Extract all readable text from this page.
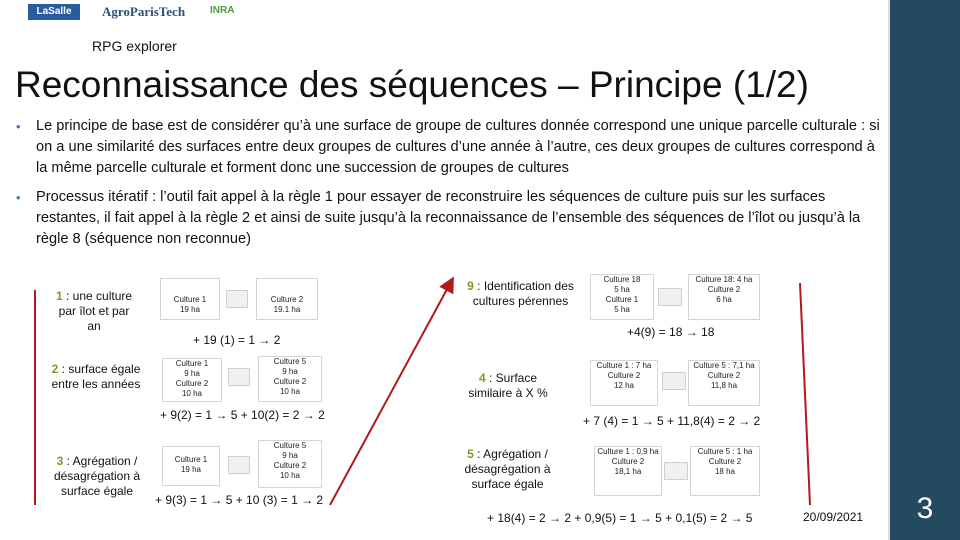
3
LaSalle	AgroParisTech INRA
RPG explorer
Reconnaissance des séquences – Principe (1/2)
• Le principe de base est de considérer qu’à une surface de groupe de cultures donnée correspond une unique parcelle culturale : si on a une similarité des surfaces entre deux groupes de cultures d’une année à l’autre, ces deux groupes de cultures correspond à la même parcelle culturale et forment donc une succession de groupes de cultures
• Processus itératif : l’outil fait appel à la règle 1 pour essayer de reconstruire les séquences de culture puis sur les surfaces restantes, il fait appel à la règle 2 et ainsi de suite jusqu’à la reconnaissance de l’ensemble des séquences de l’îlot ou jusqu’à la règle 8 (séquence non reconnue)
1 : une culture par îlot et par an
2 : surface égale entre les années
3 : Agrégation / désagrégation à surface égale
9 : Identification des cultures pérennes
4 : Surface similaire à X %
5 : Agrégation / désagrégation à surface égale
Culture 1
19 ha
Culture 2
19.1 ha
+ 19 (1) = 1 → 2
Culture 1
9 ha
Culture 2
10 ha
Culture 5
9 ha
Culture 2
10 ha
+ 9(2) = 1 → 5 + 10(2) = 2 → 2
Culture 1
19 ha
Culture 5
9 ha
Culture 2
10 ha
+ 9(3) = 1 → 5 + 10 (3) = 1 → 2
Culture 18
5 ha
Culture 1
5 ha
Culture 18: 4 ha
Culture 2
6 ha
+4(9) = 18 → 18
Culture 1 : 7 ha
Culture 2
12 ha
Culture 5 : 7,1 ha
Culture 2
11,8 ha
+ 7 (4) = 1 → 5 + 11,8(4) = 2 → 2
Culture 1 : 0,9 ha
Culture 2
18,1 ha
Culture 5 : 1 ha
Culture 2
18 ha
+ 18(4) = 2 → 2 + 0,9(5) = 1 → 5 + 0,1(5) = 2 → 5	20/09/2021
